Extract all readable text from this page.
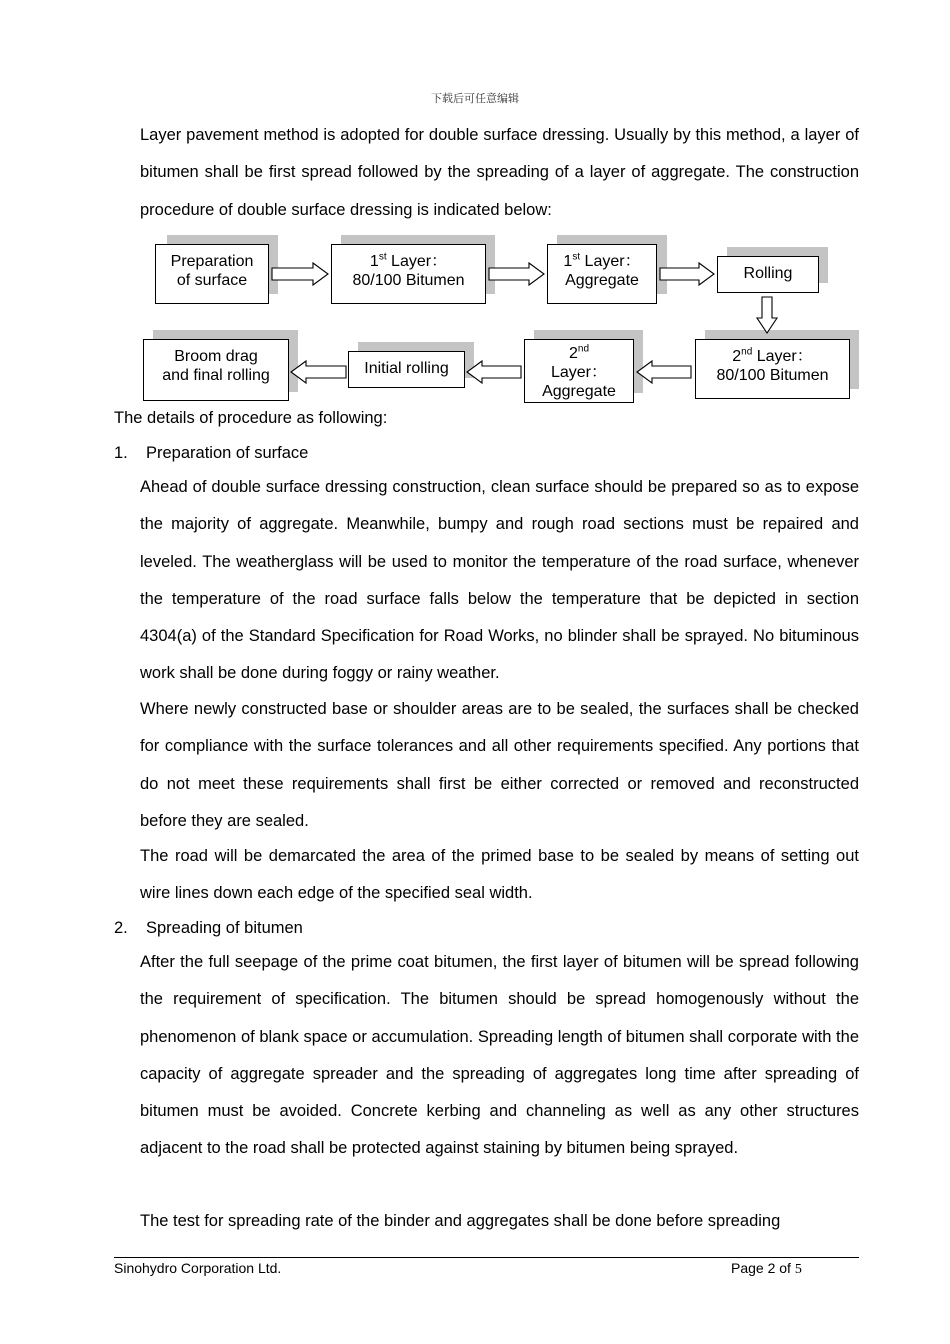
下载后可任意编辑

Layer pavement method is adopted for double surface dressing. Usually by this method, a layer of bitumen shall be first spread followed by the spreading of a layer of aggregate. The construction procedure of double surface dressing is indicated below:

Preparation
of surface
1st Layer：
80/100 Bitumen
1st Layer：
Aggregate	Rolling
2nd Layer：
80/100 Bitumen
2nd
Layer：
Aggregate
Initial rolling
Broom drag
and final rolling

The details of procedure as following:

1. Preparation of surface

Ahead of double surface dressing construction, clean surface should be prepared so as to expose the majority of aggregate. Meanwhile, bumpy and rough road sections must be repaired and leveled. The weatherglass will be used to monitor the temperature of the road surface, whenever the temperature of the road surface falls below the temperature that be depicted in section 4304(a) of the Standard Specification for Road Works, no blinder shall be sprayed. No bituminous work shall be done during foggy or rainy weather.

Where newly constructed base or shoulder areas are to be sealed, the surfaces shall be checked for compliance with the surface tolerances and all other requirements specified. Any portions that do not meet these requirements shall first be either corrected or removed and reconstructed before they are sealed.

The road will be demarcated the area of the primed base to be sealed by means of setting out wire lines down each edge of the specified seal width.

2. Spreading of bitumen

After the full seepage of the prime coat bitumen, the first layer of bitumen will be spread following the requirement of specification. The bitumen should be spread homogenously without the phenomenon of blank space or accumulation. Spreading length of bitumen shall corporate with the capacity of aggregate spreader and the spreading of aggregates long time after spreading of bitumen must be avoided. Concrete kerbing and channeling as well as any other structures adjacent to the road shall be protected against staining by bitumen being sprayed.

The test for spreading rate of the binder and aggregates shall be done before spreading

Sinohydro Corporation Ltd.	Page 2 of 5
